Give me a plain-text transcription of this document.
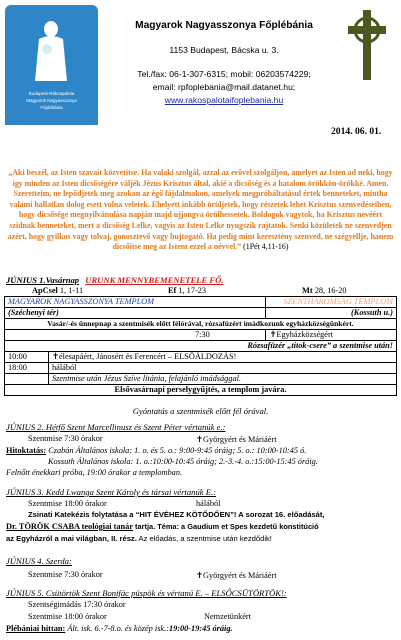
Budapest-Rákospalota
Magyarok Nagyasszonya
Főplébánia
Magyarok Nagyasszonya Főplébánia
1153 Budapest, Bácska u. 3.
Tel./fax: 06-1-307-6315; mobil: 06203574229;
email: rpfoplebania@mail.datanet.hu;
www.rakospalotaifoplebania.hu
2014. 06. 01.
„Aki beszél, az Isten szavait közvetítse. Ha valaki szolgál, azzal az erővel szolgáljon, amelyet az Isten ad neki, hogy így minden az Isten dicsőségére váljék Jézus Krisztus által, akié a dicsőség és a hatalom örökkön-örökké. Amen. Szeretteim, ne lepődjetek meg azokon az égő fájdalmakon, amelyek megpróbáltatásul értek benneteket, mintha valami hallatlan dolog esett volna veletek. Ehelyett inkább örüljetek, hogy részetek lehet Krisztus szenvedéseiben, hogy dicsősége megnyilvánulása napján majd ujjongva örülhessetek. Boldogok vagytok, ha Krisztus nevéért szidnak benneteket, mert a dicsőség Lelke, vagyis az Isten Lelke nyugszik rajtatok. Senki közületek ne szenvedjen azért, hogy gyilkos vagy tolvaj, gonosztevő vagy bujtogató. Ha pedig mint keresztény szenved, ne szégyellje, hanem dicsőítse meg az Istent ezzel a névvel.” (1Pét 4,11-16)
JÚNIUS 1.Vasárnap URUNK MENNYBEMENETELE FŐ.
ApCsel 1, 1-11	Ef 1, 17-23	Mt 28, 16-20
MAGYAROK NAGYASSZONYA TEMPLOM		SZENTHÁROMSÁG TEMPLOM
(Széchenyi tér)		(Kossuth u.)
Vasár/-és ünnepnap a szentmisék előtt félórával, rózsafüzért imádkozunk egyházközségünkért.		
7:30		✝Egyházközségért
Rózsafüzér „titok-csere” a szentmise után!		
10:00	✝élesapáért, Jánosért és Ferencért – ELSŐÁLDOZÁS!	
18:00	hálából	
	Szentmise után Jézus Szíve litánia, felajánló imádsággal.	
Elsővasárnapi perselygyűjtés, a templom javára.		
Gyóntatás a szentmisék előtt fél órával.
JÚNIUS 2. Hétfő Szent Marcellinusz és Szent Péter vértanúk e.:
Szentmise 7:30 órakor	✝Györgyért és Máriáért
Hitoktatás: Czabán Általános iskola: 1. o. és 5. o.: 9:00-9:45 óráig; 5. o.: 10:00-10:45 ó.
Kossuth Általános iskola: 1. o.:10:00-10:45 óráig; 2.-3.-4. o.:15:00-15:45 óráig.
Felnőtt énekkari próba, 19:00 órakor a templomban.
JÚNIUS 3. Kedd Lwanga Szent Károly és társai vértanúk E.:
Szentmise 18:00 órakor	hálából
Zsinati Katekézis folytatása a “HIT ÉVÉHEZ KÖTŐDŐEN”! A sorozat 16. előadását,
Dr. TÖRÖK CSABA teológiai tanár tartja. Téma: a Gaudium et Spes kezdetű konstitúció
az Egyházról a mai világban, II. rész. Az előadás, a szentmise után kezdődik!
JÚNIUS 4. Szerda:
Szentmise 7:30 órakor	✝Györgyért és Máriáért
JÚNIUS 5. Csütörtök Szent Bonifác püspök és vértanú E. – ELSŐCSÜTÖRTÖK!:
Szentségimádás 17:30 órakor
Szentmise 18:00 órakor	Nemzetünkért
Plébániai hittan: Ált. isk. 6.-7-8.o. és közép isk.:19:00-19:45 óráig.
